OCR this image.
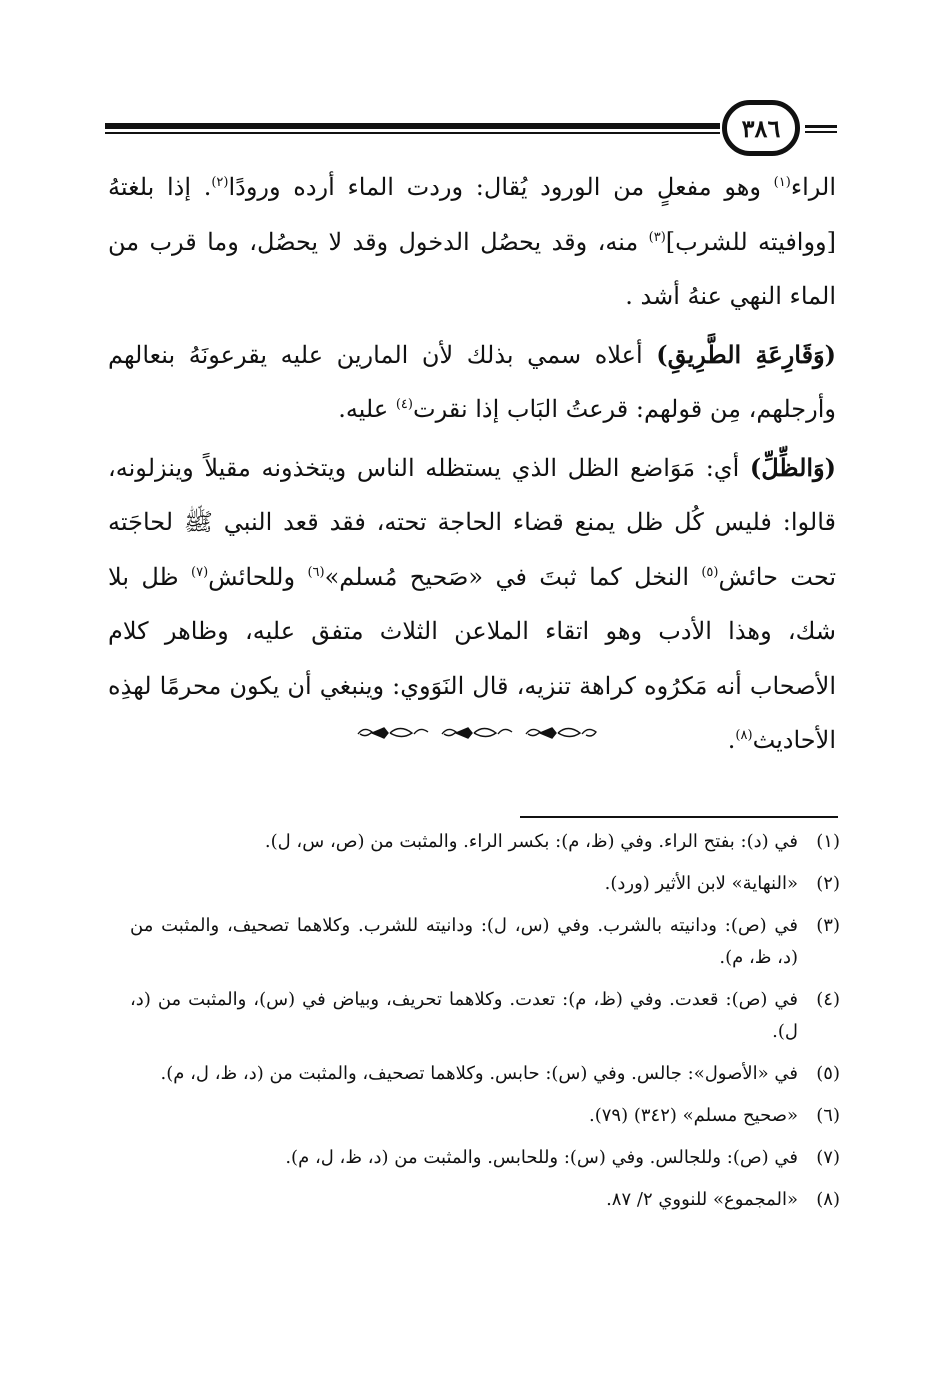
٣٨٦

الراء$^{(١)}$ وهو مفعلٍ من الورود يُقال: وردت الماء أرده ورودًا$^{(٢)}$. إذا بلغتهُ [ووافيته للشرب]$^{(٣)}$ منه، وقد يحصُل الدخول وقد لا يحصُل، وما قرب من الماء النهي عنهُ أشد .

(وَقَارِعَةِ الطَّرِيقِ) أعلاه سمي بذلك لأن المارين عليه يقرعونَهُ بنعالهم وأرجلهم، مِن قولهم: قرعتُ البَاب إذا نقرت$^{(٤)}$ عليه.

(وَالظِّلِّ) أي: مَوَاضع الظل الذي يستظله الناس ويتخذونه مقيلاً وينزلونه، قالوا: فليس كُل ظل يمنع قضاء الحاجة تحته، فقد قعد النبي ﷺ لحاجَته تحت حائش$^{(٥)}$ النخل كما ثبتَ في «صَحيح مُسلم»$^{(٦)}$ وللحائش$^{(٧)}$ ظل بلا شك، وهذا الأدب وهو اتقاء الملاعن الثلاث متفق عليه، وظاهر كلام الأصحاب أنه مَكرُوه كراهة تنزيه، قال النَوَوي: وينبغي أن يكون محرمًا لهذِه الأحاديث$^{(٨)}$.

(١)
في (د): بفتح الراء. وفي (ظ، م): بكسر الراء. والمثبت من (ص، س، ل).
(٢)
«النهاية» لابن الأثير (ورد).
(٣)
في (ص): ودانيته بالشرب. وفي (س، ل): ودانيته للشرب. وكلاهما تصحيف، والمثبت من (د، ظ، م).
(٤)
في (ص): قعدت. وفي (ظ، م): تعدت. وكلاهما تحريف، وبياض في (س)، والمثبت من (د، ل).
(٥)
في «الأصول»: جالس. وفي (س): حابس. وكلاهما تصحيف، والمثبت من (د، ظ، ل، م).
(٦)
«صحيح مسلم» (٣٤٢) (٧٩).
(٧)
في (ص): وللجالس. وفي (س): وللحابس. والمثبت من (د، ظ، ل، م).
(٨)
«المجموع» للنووي ٢/ ٨٧.
